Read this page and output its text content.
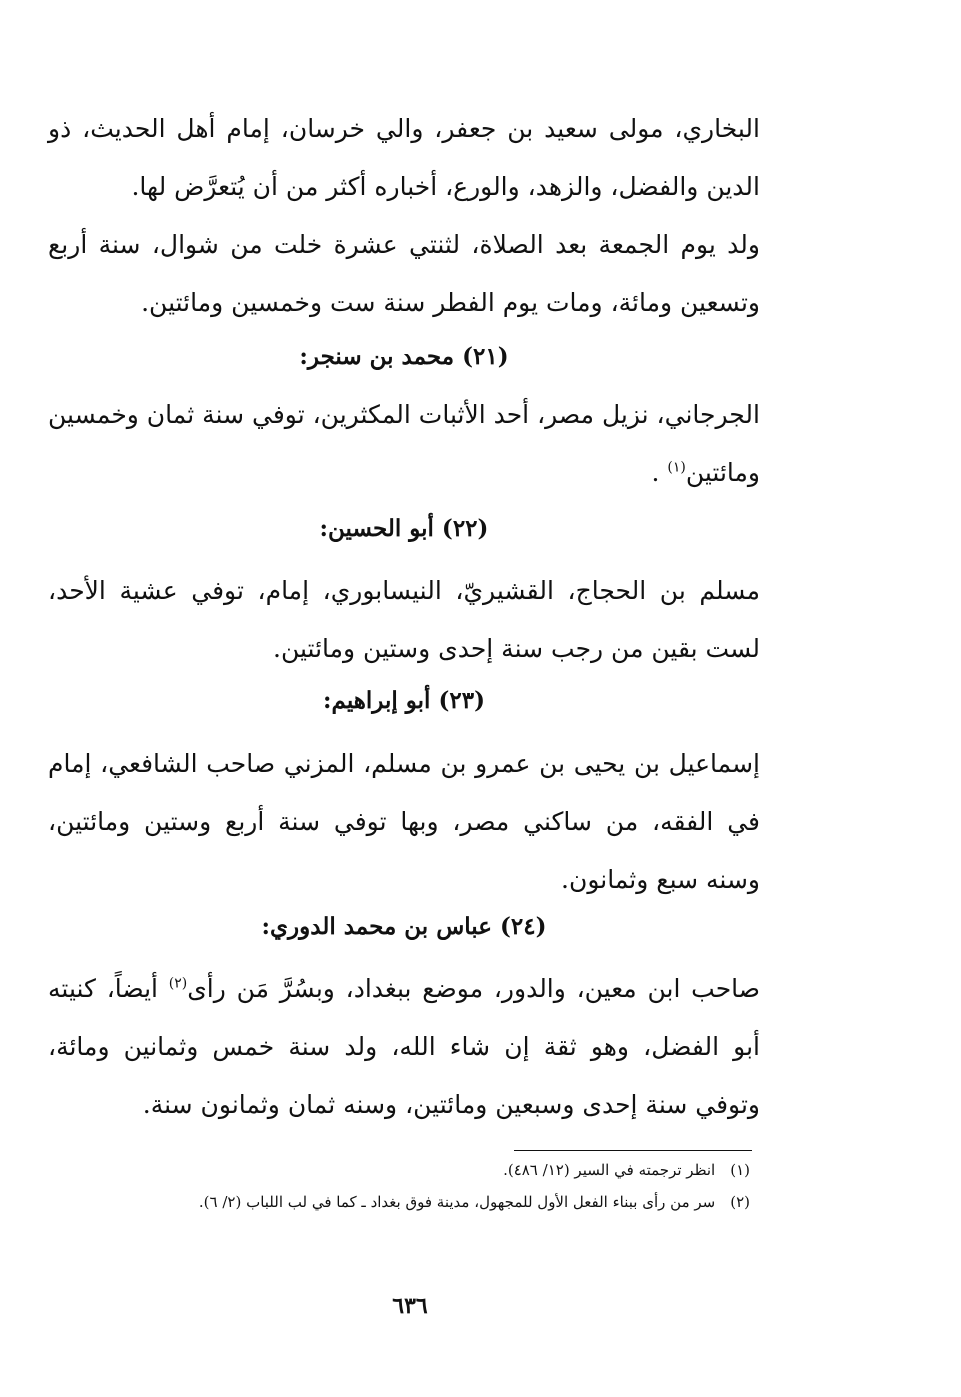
البخاري، مولى سعيد بن جعفر، والي خرسان، إمام أهل الحديث، ذو الدين والفضل، والزهد، والورع، أخباره أكثر من أن يُتعرَّض لها.

ولد يوم الجمعة بعد الصلاة، لثنتي عشرة خلت من شوال، سنة أربع وتسعين ومائة، ومات يوم الفطر سنة ست وخمسين ومائتين.

(٢١) محمد بن سنجر:

الجرجاني، نزيل مصر، أحد الأثبات المكثرين، توفي سنة ثمان وخمسين ومائتين$^{(١)}$ .

(٢٢) أبو الحسين:

مسلم بن الحجاج، القشيريّ، النيسابوري، إمام، توفي عشية الأحد، لست بقين من رجب سنة إحدى وستين ومائتين.

(٢٣) أبو إبراهيم:

إسماعيل بن يحيى بن عمرو بن مسلم، المزني صاحب الشافعي، إمام في الفقه، من ساكني مصر، وبها توفي سنة أربع وستين ومائتين، وسنه سبع وثمانون.

(٢٤) عباس بن محمد الدوري:

صاحب ابن معين، والدور، موضع ببغداد، وبسُرَّ مَن رأى$^{(٢)}$ أيضاً، كنيته أبو الفضل، وهو ثقة إن شاء الله، ولد سنة خمس وثمانين ومائة، وتوفي سنة إحدى وسبعين ومائتين، وسنه ثمان وثمانون سنة.

(١) انظر ترجمته في السير (١٢/ ٤٨٦).

(٢) سر من رأى ببناء الفعل الأول للمجهول، مدينة فوق بغداد ـ كما في لب اللباب (٢/ ٦).

٦٣٦
